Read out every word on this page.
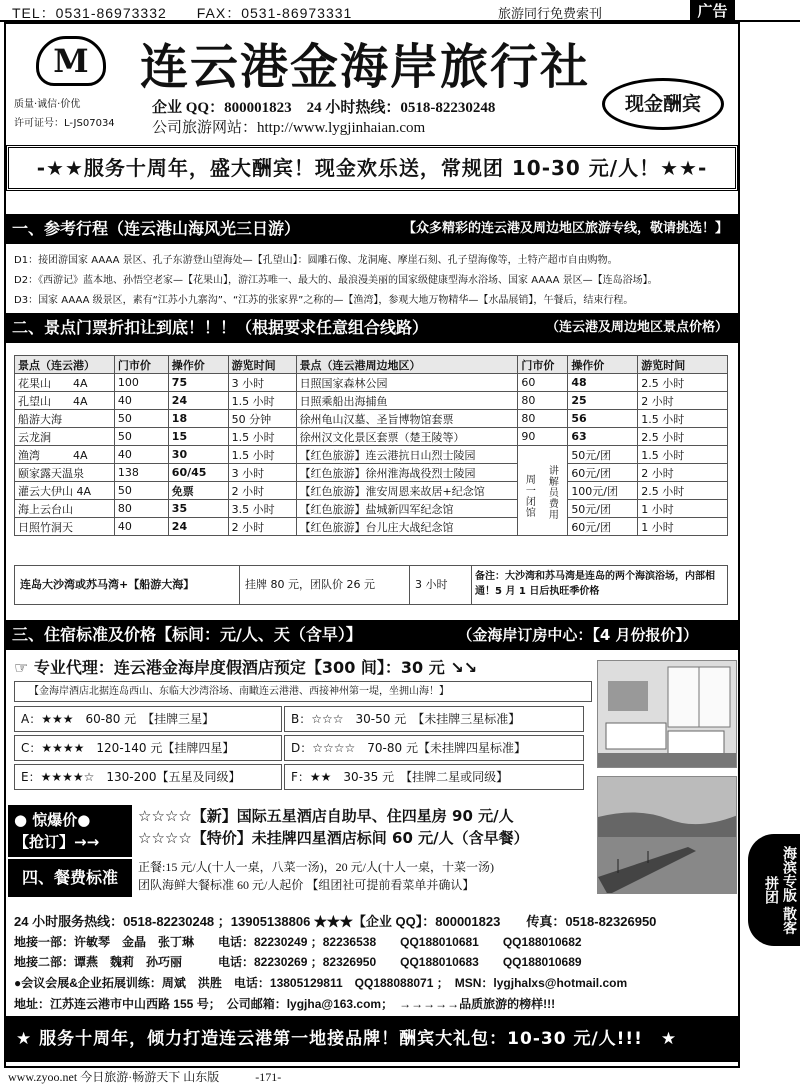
TEL：0531-86973332　　 FAX：0531-86973331	旅游同行免费索刊	广告
M 连云港金海岸旅行社
质量·诚信·价优
许可证号：L-JS07034
企业 QQ：800001823　 24 小时热线：0518-82230248
公司旅游网站：http://www.lygjinhaian.com
现金酬宾
-★★服务十周年，盛大酬宾！现金欢乐送，常规团 10-30 元/人！★★-
一、参考行程（连云港山海风光三日游）	【众多精彩的连云港及周边地区旅游专线，敬请挑选！】
D1：接团游国家 AAAA 景区、孔子东游登山望海处—【孔望山】：圆雕石像、龙洞庵、摩崖石刻、孔子望海像等，土特产超市自由购物。
D2：《西游记》蓝本地、孙悟空老家—【花果山】，游江苏唯一、最大的、最浪漫美丽的国家级健康型海水浴场、国家 AAAA 景区—【连岛浴场】。
D3：国家 AAAA 级景区，素有“江苏小九寨沟”、“江苏的张家界”之称的—【渔湾】，参观大地万物精华—【水晶展销】，午餐后，结束行程。
二、景点门票折扣让到底！！！（根据要求任意组合线路）	（连云港及周边地区景点价格）
景点（连云港）	门市价	操作价	游览时间	景点（连云港周边地区）	门市价	操作价	游览时间
花果山　　4A	100	75	3 小时	日照国家森林公园	60	48	2.5 小时
孔望山　　4A	40	24	1.5 小时	日照乘船出海捕鱼	80	25	2 小时
船游大海	50	18	50 分钟	徐州龟山汉墓、圣旨博物馆套票	80	56	1.5 小时
云龙涧	50	15	1.5 小时	徐州汉文化景区套票（楚王陵等）	90	63	2.5 小时
渔湾　　　4A	40	30	1.5 小时	【红色旅游】连云港抗日山烈士陵园	周一闭馆 讲解员费用	50元/团	1.5 小时
颐家露天温泉	138	60/45	3 小时	【红色旅游】徐州淮海战役烈士陵园		60元/团	2 小时
灌云大伊山 4A	50	免票	2 小时	【红色旅游】淮安周恩来故居+纪念馆		100元/团	2.5 小时
海上云台山	80	35	3.5 小时	【红色旅游】盐城新四军纪念馆		50元/团	1 小时
日照竹洞天	40	24	2 小时	【红色旅游】台儿庄大战纪念馆		60元/团	1 小时
连岛大沙湾或苏马湾+【船游大海】	挂牌 80 元，团队价 26 元	3 小时
备注：大沙湾和苏马湾是连岛的两个海滨浴场，内部相通！5 月 1 日后执旺季价格
三、住宿标准及价格【标间：元/人、天（含早）】	（金海岸订房中心：【4 月份报价】）
☞ 专业代理：连云港金海岸度假酒店预定【300 间】：30 元 ↘↘
【金海岸酒店北据连岛西山、东临大沙湾浴场、南瞰连云港港、西接神州第一堤，坐拥山海！】
A：★★★　60-80 元　【挂牌三星】	B：☆☆☆　30-50 元　【未挂牌三星标准】
C：★★★★　120-140 元【挂牌四星】	D：☆☆☆☆　70-80 元【未挂牌四星标准】
E：★★★★☆　130-200【五星及同级】	F：★★　30-35 元　【挂牌二星或同级】
● 惊爆价●
【抢订】→→
☆☆☆☆【新】国际五星酒店自助早、住四星房 90 元/人
☆☆☆☆【特价】未挂牌四星酒店标间 60 元/人（含早餐）
四、餐费标准
正餐:15 元/人(十人一桌，八菜一汤)，20 元/人(十人一桌，十菜一汤)
团队海鲜大餐标准 60 元/人起价 【组团社可提前看菜单并确认】	海滨专版 散客拼团
24 小时服务热线：0518-82230248 ；13905138806 ★★★【企业 QQ】：800001823　　传真：0518-82326950
地接一部：许敏琴　金晶　张丁琳　　电话：82230249 ；82236538　　QQ188010681　　QQ188010682
地接二部：谭燕　魏莉　孙巧丽　　　电话：82230269 ；82326950　　QQ188010683　　QQ188010689
●会议会展&企业拓展训练：周斌　洪胜　电话：13805129811　QQ188088071 ；　MSN：lygjhalxs@hotmail.com
地址：江苏连云港市中山西路 155 号；　公司邮箱：lygjha@163.com；　→→→→→品质旅游的榜样!!!
★ 服务十周年，倾力打造连云港第一地接品牌！酬宾大礼包：10-30 元/人!!!　★
www.zyoo.net 今日旅游·畅游天下 山东版　　　-171-
